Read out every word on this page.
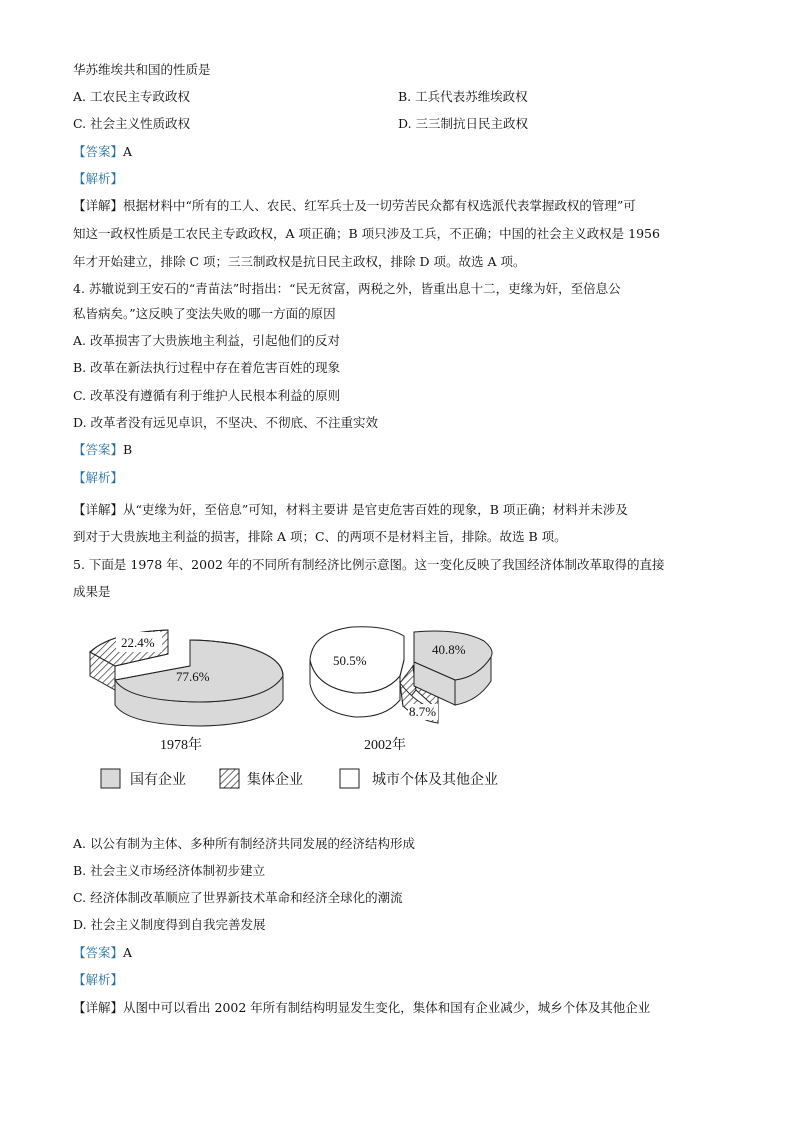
华苏维埃共和国的性质是
A. 工农民主专政政权	B. 工兵代表苏维埃政权
C. 社会主义性质政权	D. 三三制抗日民主政权
【答案】A
【解析】
【详解】根据材料中“所有的工人、农民、红军兵士及一切劳苦民众都有权选派代表掌握政权的管理”可
知这一政权性质是工农民主专政政权，A 项正确；B 项只涉及工兵，不正确；中国的社会主义政权是 1956
年才开始建立，排除 C 项；三三制政权是抗日民主政权，排除 D 项。故选 A 项。
4. 苏辙说到王安石的“青苗法”时指出：“民无贫富，两税之外，皆重出息十二，吏缘为奸，至倍息公
私皆病矣。”这反映了变法失败的哪一方面的原因
A. 改革损害了大贵族地主利益，引起他们的反对
B. 改革在新法执行过程中存在着危害百姓的现象
C. 改革没有遵循有利于维护人民根本利益的原则
D. 改革者没有远见卓识，不坚决、不彻底、不注重实效
【答案】B
【解析】
【详解】从“吏缘为奸，至倍息”可知，材料主要讲 是官吏危害百姓的现象，B 项正确；材料并未涉及
到对于大贵族地主利益的损害，排除 A 项；C、的两项不是材料主旨，排除。故选 B 项。
5. 下面是 1978 年、2002 年的不同所有制经济比例示意图。这一变化反映了我国经济体制改革取得的直接
成果是
22.4%
77.6%
1978年
50.5%
40.8%
8.7%
2002年
国有企业	集体企业	城市个体及其他企业
A. 以公有制为主体、多种所有制经济共同发展的经济结构形成
B. 社会主义市场经济体制初步建立
C. 经济体制改革顺应了世界新技术革命和经济全球化的潮流
D. 社会主义制度得到自我完善发展
【答案】A
【解析】
【详解】从图中可以看出 2002 年所有制结构明显发生变化，集体和国有企业减少，城乡个体及其他企业
